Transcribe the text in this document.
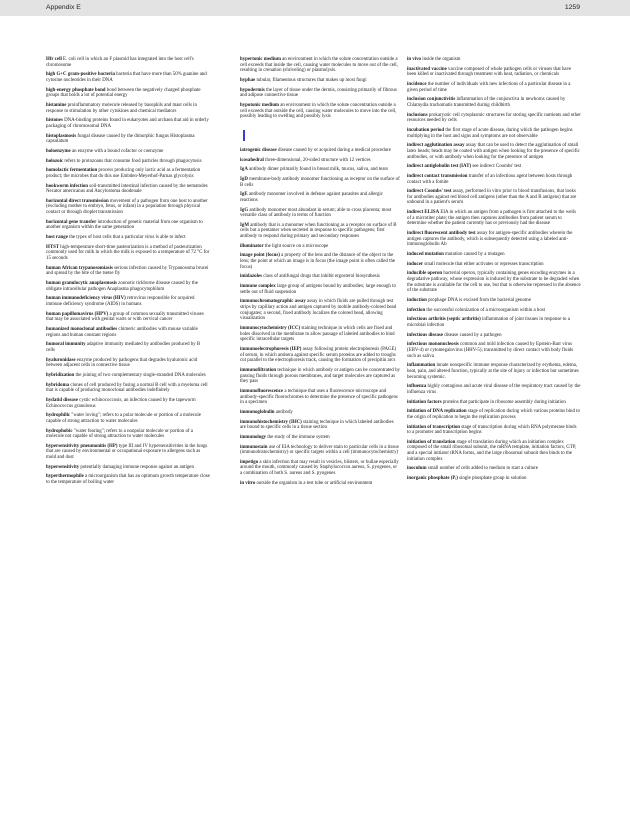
Appendix E	1259
Hfr cell E. coli cell in which an F plasmid has integrated into the host cell's chromosome
high G+C gram-positive bacteria bacteria that have more than 50% guanine and cytosine nucleotides in their DNA
high-energy phosphate bond bond between the negatively charged phosphate groups that holds a lot of potential energy
histamine proinflammatory molecule released by basophils and mast cells in response to stimulation by other cytokines and chemical mediators
histones DNA-binding proteins found in eukaryotes and archaea that aid in orderly packaging of chromosomal DNA
histoplasmosis fungal disease caused by the dimorphic fungus Histoplasma capsulatum
holoenzyme an enzyme with a bound cofactor or coenzyme
holozoic refers to protozoans that consume food particles through phagocytosis
homolactic fermentation process producing only lactic acid as a fermentation product; the microbes that do this use Embden-Meyerhof-Parnas glycolysis
hookworm infection soil-transmitted intestinal infection caused by the nematodes Necator americanus and Ancylostoma duodenale
horizontal direct transmission movement of a pathogen from one host to another (excluding mother to embryo, fetus, or infant) in a population through physical contact or through droplet transmission
horizontal gene transfer introduction of genetic material from one organism to another organism within the same generation
host range the types of host cells that a particular virus is able to infect
HTST high-temperature short-time pasteurization is a method of pasteurization commonly used for milk in which the milk is exposed to a temperature of 72 °C for 15 seconds
human African trypanosomiasis serious infection caused by Trypanosoma brucei and spread by the bite of the tsetse fly
human granulocytic anaplasmosis zoonotic tickborne disease caused by the obligate intracellular pathogen Anaplasma phagocytophilum
human immunodeficiency virus (HIV) retrovirus responsible for acquired immune deficiency syndrome (AIDS) in humans
human papillomavirus (HPV) a group of common sexually transmitted viruses that may be associated with genital warts or with cervical cancer
humanized monoclonal antibodies chimeric antibodies with mouse variable regions and human constant regions
humoral immunity adaptive immunity mediated by antibodies produced by B cells
hyaluronidase enzyme produced by pathogens that degrades hyaluronic acid between adjacent cells in connective tissue
hybridization the joining of two complementary single-stranded DNA molecules
hybridoma clones of cell produced by fusing a normal B cell with a myeloma cell that is capable of producing monoclonal antibodies indefinitely
hydatid disease cystic echinococcosis, an infection caused by the tapeworm Echinococcus granulosus
hydrophilic "water loving"; refers to a polar molecule or portion of a molecule capable of strong attraction to water molecules
hydrophobic "water fearing"; refers to a nonpolar molecule or portion of a molecule not capable of strong attraction to water molecules
hypersensitivity pneumonitis (HP) type III and IV hypersensitivities in the lungs that are caused by environmental or occupational exposure to allergens such as mold and dust
hypersensitivity potentially damaging immune response against an antigen
hyperthermophile a microorganism that has an optimum growth temperature close to the temperature of boiling water
hypertonic medium an environment in which the solute concentration outside a cell exceeds that inside the cell, causing water molecules to move out of the cell, resulting in crenation (shriveling) or plasmolysis.
hyphae tubular, filamentous structures that makes up most fungi
hypodermis the layer of tissue under the dermis, consisting primarily of fibrous and adipose connective tissue
hypotonic medium an environment in which the solute concentration outside a cell exceeds that outside the cell, causing water molecules to move into the cell, possibly leading to swelling and possibly lysis
iatrogenic disease disease caused by or acquired during a medical procedure
icosahedral three-dimensional, 20-sided structure with 12 vertices
IgA antibody dimer primarily found in breast milk, mucus, saliva, and tears
IgD membrane-body antibody monomer functioning as receptor on the surface of B cells
IgE antibody monomer involved in defense against parasites and allergic reactions
IgG antibody monomer most abundant in serum; able to cross placenta; most versatile class of antibody in terms of function
IgM antibody that is a monomer when functioning as a receptor on surface of B cells but a pentamer when secreted in response to specific pathogens; first antibody to respond during primary and secondary responses
illuminator the light source on a microscope
image point (focus) a property of the lens and the distance of the object to the lens; the point at which an image is in focus (the image point is often called the focus)
imidazoles class of antifungal drugs that inhibit ergosterol biosynthesis
immune complex large group of antigens bound by antibodies; large enough to settle out of fluid suspension
immunochromatographic assay assay in which fluids are pulled through test strips by capillary action and antigen captured by mobile antibody-colored bead conjugates; a second, fixed antibody localizes the colored bead, allowing visualization
immunocytochemistry (ICC) staining technique in which cells are fixed and holes dissolved in the membrane to allow passage of labeled antibodies to bind specific intracellular targets
immunoelectrophoresis (IEP) assay following protein electrophoresis (PAGE) of serum, in which antisera against specific serum proteins are added to troughs cut parallel to the electrophoresis track, causing the formation of precipitin arcs
immunofiltration technique in which antibody or antigen can be concentrated by passing fluids through porous membranes, and target molecules are captured as they pass
immunofluorescence a technique that uses a fluorescence microscope and antibody-specific fluorochromes to determine the presence of specific pathogens in a specimen
immunoglobulin antibody
immunohistochemistry (IHC) staining technique in which labeled antibodies are bound to specific cells in a tissue section
immunology the study of the immune system
immunostain use of EIA technology to deliver stain to particular cells in a tissue (immunohistochemistry) or specific targets within a cell (immunocytochemistry)
impetigo a skin infection that may result in vesicles, blisters, or bullae especially around the mouth, commonly caused by Staphylococcus aureus, S. pyogenes, or a combination of both S. aureus and S. pyogenes
in vitro outside the organism in a test tube or artificial environment
in vivo inside the organism
inactivated vaccine vaccine composed of whole pathogen cells or viruses that have been killed or inactivated through treatment with heat, radiation, or chemicals
incidence the number of individuals with new infections of a particular disease in a given period of time
inclusion conjunctivitis inflammation of the conjunctiva in newborns caused by Chlamydia trachomatis transmitted during childbirth
inclusions prokaryotic cell cytoplasmic structures for storing specific nutrients and other resources needed by cells
incubation period the first stage of acute disease, during which the pathogen begins multiplying in the host and signs and symptoms are not observable
indirect agglutination assay assay that can be used to detect the agglutination of small latex beads; beads may be coated with antigen when looking for the presence of specific antibodies, or with antibody when looking for the presence of antigen
indirect antiglobulin test (IAT) see indirect Coombs' test
indirect contact transmission transfer of an infectious agent between hosts through contact with a fomite
indirect Coombs' test assay, performed in vitro prior to blood transfusions, that looks for antibodies against red blood cell antigens (other than the A and B antigens) that are unbound in a patient's serum
indirect ELISA EIA in which an antigen from a pathogen is first attached to the wells of a microtiter plate; the antigen then captures antibodies from patient serum to determine whether the patient currently has or previously had the disease
indirect fluorescent antibody test assay for antigen-specific antibodies wherein the antigen captures the antibody, which is subsequently detected using a labeled anti-immunoglobulin Ab
induced mutation mutation caused by a mutagen
inducer small molecule that either activates or represses transcription
inducible operon bacterial operon, typically containing genes encoding enzymes in a degradative pathway, whose expression is induced by the substrate to be degraded when the substrate is available for the cell to use, but that is otherwise repressed in the absence of the substrate
induction prophage DNA is excised from the bacterial genome
infection the successful colonization of a microorganism within a host
infectious arthritis (septic arthritis) inflammation of joint tissues in response to a microbial infection
infectious disease disease caused by a pathogen
infectious mononucleosis common and mild infection caused by Epstein-Barr virus (EBV-4) or cytomegalovirus (HHV-5); transmitted by direct contact with body fluids such as saliva
inflammation innate nonspecific immune response characterized by erythema, edema, heat, pain, and altered function, typically at the site of injury or infection but sometimes becoming systemic.
influenza highly contagious and acute viral disease of the respiratory tract caused by the influenza virus
initiation factors proteins that participate in ribosome assembly during initiation
initiation of DNA replication stage of replication during which various proteins bind to the origin of replication to begin the replication process
initiation of transcription stage of transcription during which RNA polymerase binds to a promoter and transcription begins
initiation of translation stage of translation during which an initiation complex composed of the small ribosomal subunit, the mRNA template, initiation factors, GTP, and a special initiator tRNA forms, and the large ribosomal subunit then binds to the initiation complex
inoculum small number of cells added to medium to start a culture
inorganic phosphate (Pᵢ) single phosphate group in solution
